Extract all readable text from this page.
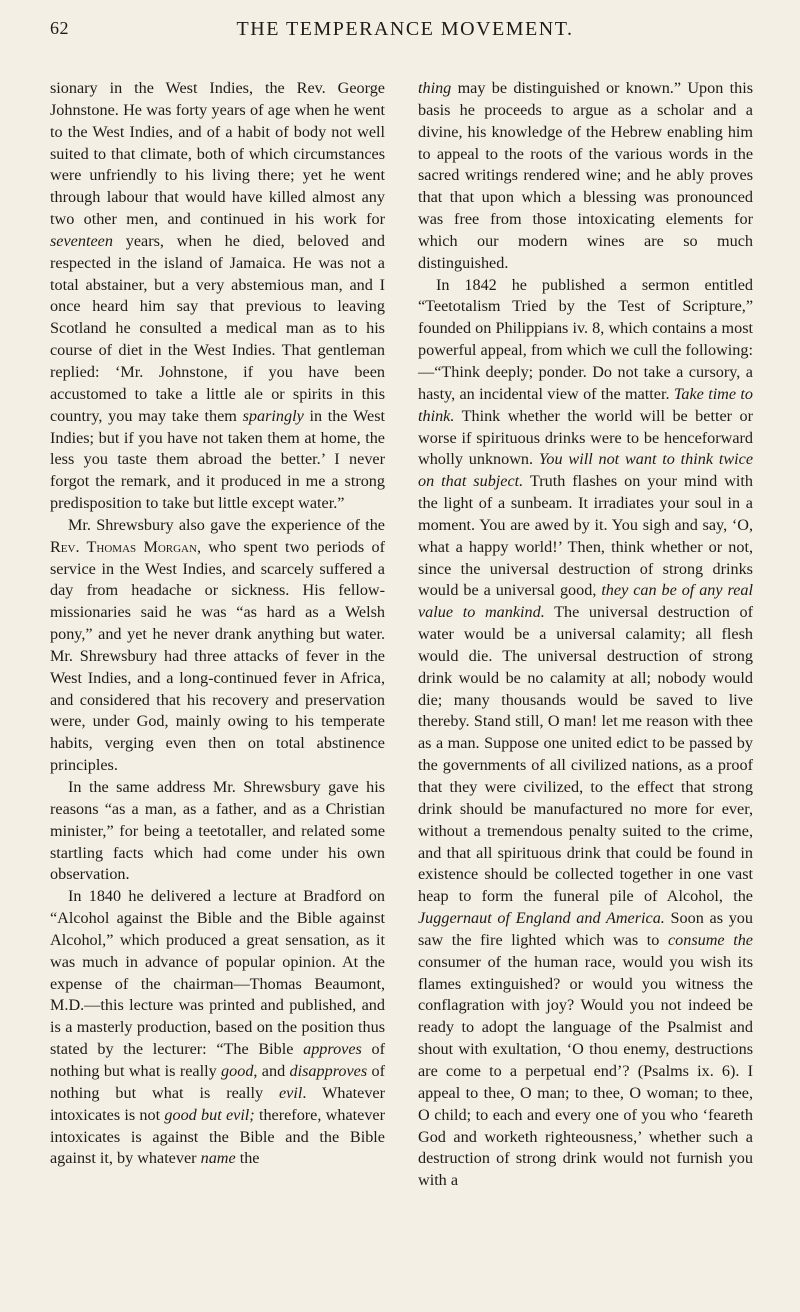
62	THE TEMPERANCE MOVEMENT.

sionary in the West Indies, the Rev. George Johnstone. He was forty years of age when he went to the West Indies, and of a habit of body not well suited to that climate, both of which circumstances were unfriendly to his living there; yet he went through labour that would have killed almost any two other men, and continued in his work for seventeen years, when he died, beloved and respected in the island of Jamaica. He was not a total abstainer, but a very abstemious man, and I once heard him say that previous to leaving Scotland he consulted a medical man as to his course of diet in the West Indies. That gentleman replied: ‘Mr. Johnstone, if you have been accustomed to take a little ale or spirits in this country, you may take them sparingly in the West Indies; but if you have not taken them at home, the less you taste them abroad the better.’ I never forgot the remark, and it produced in me a strong predisposition to take but little except water.”

Mr. Shrewsbury also gave the experience of the Rev. Thomas Morgan, who spent two periods of service in the West Indies, and scarcely suffered a day from headache or sickness. His fellow-missionaries said he was “as hard as a Welsh pony,” and yet he never drank anything but water. Mr. Shrewsbury had three attacks of fever in the West Indies, and a long-continued fever in Africa, and considered that his recovery and preservation were, under God, mainly owing to his temperate habits, verging even then on total abstinence principles.

In the same address Mr. Shrewsbury gave his reasons “as a man, as a father, and as a Christian minister,” for being a teetotaller, and related some startling facts which had come under his own observation.

In 1840 he delivered a lecture at Bradford on “Alcohol against the Bible and the Bible against Alcohol,” which produced a great sensation, as it was much in advance of popular opinion. At the expense of the chairman—Thomas Beaumont, M.D.—this lecture was printed and published, and is a masterly production, based on the position thus stated by the lecturer: “The Bible approves of nothing but what is really good, and disapproves of nothing but what is really evil. Whatever intoxicates is not good but evil; therefore, whatever intoxicates is against the Bible and the Bible against it, by whatever name the

thing may be distinguished or known.” Upon this basis he proceeds to argue as a scholar and a divine, his knowledge of the Hebrew enabling him to appeal to the roots of the various words in the sacred writings rendered wine; and he ably proves that that upon which a blessing was pronounced was free from those intoxicating elements for which our modern wines are so much distinguished.

In 1842 he published a sermon entitled “Teetotalism Tried by the Test of Scripture,” founded on Philippians iv. 8, which contains a most powerful appeal, from which we cull the following:—“Think deeply; ponder. Do not take a cursory, a hasty, an incidental view of the matter. Take time to think. Think whether the world will be better or worse if spirituous drinks were to be henceforward wholly unknown. You will not want to think twice on that subject. Truth flashes on your mind with the light of a sunbeam. It irradiates your soul in a moment. You are awed by it. You sigh and say, ‘O, what a happy world!’ Then, think whether or not, since the universal destruction of strong drinks would be a universal good, they can be of any real value to mankind. The universal destruction of water would be a universal calamity; all flesh would die. The universal destruction of strong drink would be no calamity at all; nobody would die; many thousands would be saved to live thereby. Stand still, O man! let me reason with thee as a man. Suppose one united edict to be passed by the governments of all civilized nations, as a proof that they were civilized, to the effect that strong drink should be manufactured no more for ever, without a tremendous penalty suited to the crime, and that all spirituous drink that could be found in existence should be collected together in one vast heap to form the funeral pile of Alcohol, the Juggernaut of England and America. Soon as you saw the fire lighted which was to consume the consumer of the human race, would you wish its flames extinguished? or would you witness the conflagration with joy? Would you not indeed be ready to adopt the language of the Psalmist and shout with exultation, ‘O thou enemy, destructions are come to a perpetual end’? (Psalms ix. 6). I appeal to thee, O man; to thee, O woman; to thee, O child; to each and every one of you who ‘feareth God and worketh righteousness,’ whether such a destruction of strong drink would not furnish you with a
